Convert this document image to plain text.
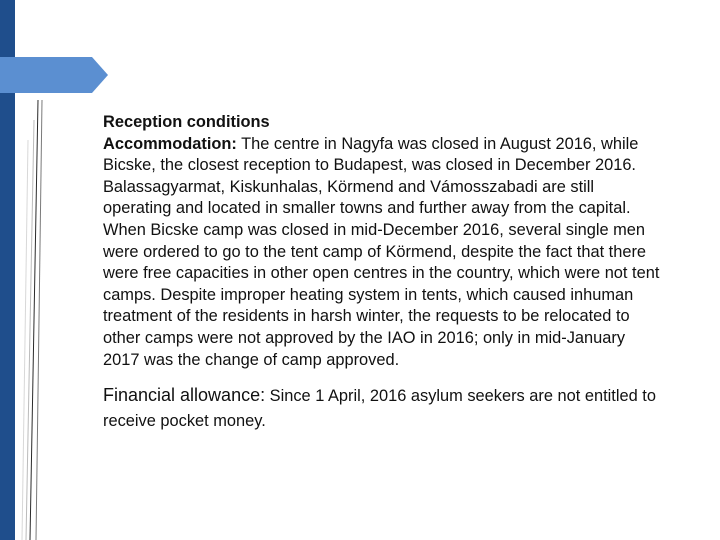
Reception conditions

Accommodation: The centre in Nagyfa was closed in August 2016, while Bicske, the closest reception to Budapest, was closed in December 2016. Balassagyarmat, Kiskunhalas, Körmend and Vámosszabadi are still operating and located in smaller towns and further away from the capital. When Bicske camp was closed in mid-December 2016, several single men were ordered to go to the tent camp of Körmend, despite the fact that there were free capacities in other open centres in the country, which were not tent camps. Despite improper heating system in tents, which caused inhuman treatment of the residents in harsh winter, the requests to be relocated to other camps were not approved by the IAO in 2016; only in mid-January 2017 was the change of camp approved.

Financial allowance: Since 1 April, 2016 asylum seekers are not entitled to receive pocket money.
